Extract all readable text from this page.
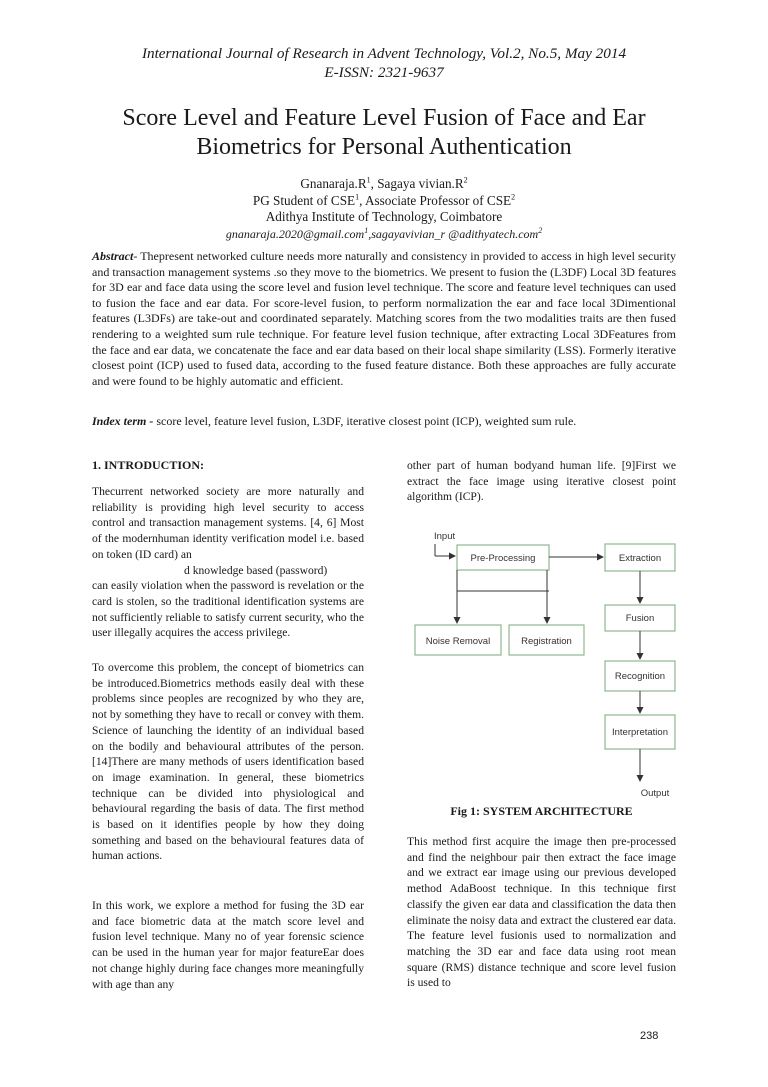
International Journal of Research in Advent Technology, Vol.2, No.5, May 2014
E-ISSN: 2321-9637
Score Level and Feature Level Fusion of Face and Ear
Biometrics for Personal Authentication
$Gnanaraja.R^1$, Sagaya $vivian.R^2$
PG Student of CSE$^1$, Associate Professor of CSE$^2$
Adithya Institute of Technology, Coimbatore
gnanaraja.2020@gmail.com$^1$,sagayavivian_r @adithyatech.com$^2$
Abstract- Thepresent networked culture needs more naturally and consistency in provided to access in high level security and transaction management systems .so they move to the biometrics. We present to fusion the (L3DF) Local 3D features for 3D ear and face data using the score level and fusion level technique. The score and feature level techniques can used to fusion the face and ear data. For score-level fusion, to perform normalization the ear and face local 3Dimentional features (L3DFs) are take-out and coordinated separately. Matching scores from the two modalities traits are then fused rendering to a weighted sum rule technique. For feature level fusion technique, after extracting Local 3DFeatures from the face and ear data, we concatenate the face and ear data based on their local shape similarity (LSS). Formerly iterative closest point (ICP) used to fused data, according to the fused feature distance. Both these approaches are fully accurate and were found to be highly automatic and efficient.
Index term - score level, feature level fusion, L3DF, iterative closest point (ICP), weighted sum rule.
1. INTRODUCTION:

Thecurrent networked society are more naturally and reliability is providing high level security to access control and transaction management systems. [4, 6] Most of the modernhuman identity verification model i.e. based on token (ID card) an

d knowledge based (password)

can easily violation when the password is revelation or the card is stolen, so the traditional identification systems are not sufficiently reliable to satisfy current security, who the user illegally acquires the access privilege.

To overcome this problem, the concept of biometrics can be introduced.Biometrics methods easily deal with these problems since peoples are recognized by who they are, not by something they have to recall or convey with them. Science of launching the identity of an individual based on the bodily and behavioural attributes of the person.[14]There are many methods of users identification based on image examination. In general, these biometrics technique can be divided into physiological and behavioural regarding the basis of data. The first method is based on it identifies people by how they doing something and based on the behavioural features data of human actions.
In this work, we explore a method for fusing the 3D ear and face biometric data at the match score level and fusion level technique. Many no of year forensic science can be used in the human year for major featureEar does not change highly during face changes more meaningfully with age than any
other part of human bodyand human life. [9]First we extract the face image using iterative closest point algorithm (ICP).
Input
Pre-Processing	Extraction
Noise Removal	Registration
Fusion
Recognition
Interpretation
Output
Fig 1: SYSTEM ARCHITECTURE
This method first acquire the image then pre-processed and find the neighbour pair then extract the face image and we extract ear image using our previous developed method AdaBoost technique. In this technique first classify the given ear data and classification the data then eliminate the noisy data and extract the clustered ear data. The feature level fusionis used to normalization and matching the 3D ear and face data using root mean square (RMS) distance technique and score level fusion is used to
238
